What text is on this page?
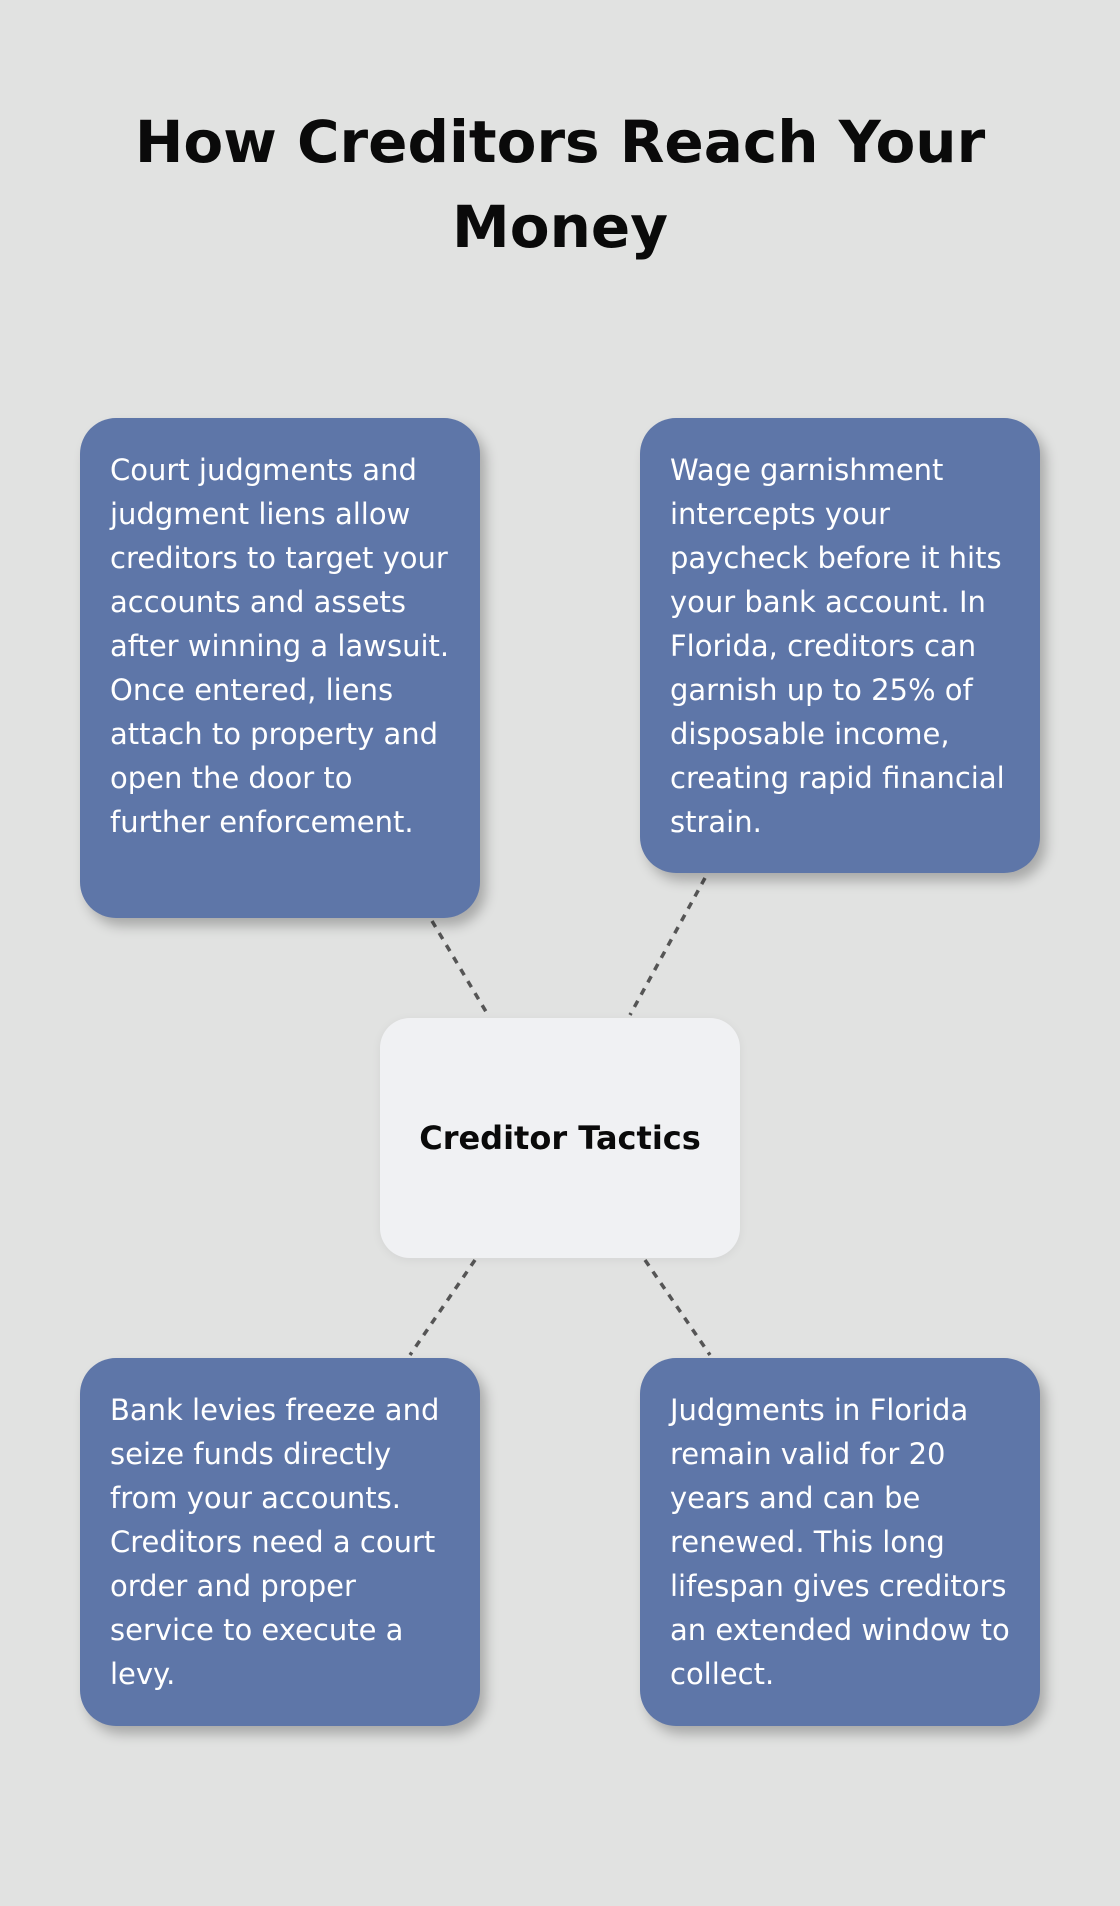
How Creditors Reach Your Money
Court judgments and judgment liens allow creditors to target your accounts and assets after winning a lawsuit. Once entered, liens attach to property and open the door to further enforcement.
Wage garnishment intercepts your paycheck before it hits your bank account. In Florida, creditors can garnish up to 25% of disposable income, creating rapid financial strain.
Creditor Tactics
Bank levies freeze and seize funds directly from your accounts. Creditors need a court order and proper service to execute a levy.
Judgments in Florida remain valid for 20 years and can be renewed. This long lifespan gives creditors an extended window to collect.
